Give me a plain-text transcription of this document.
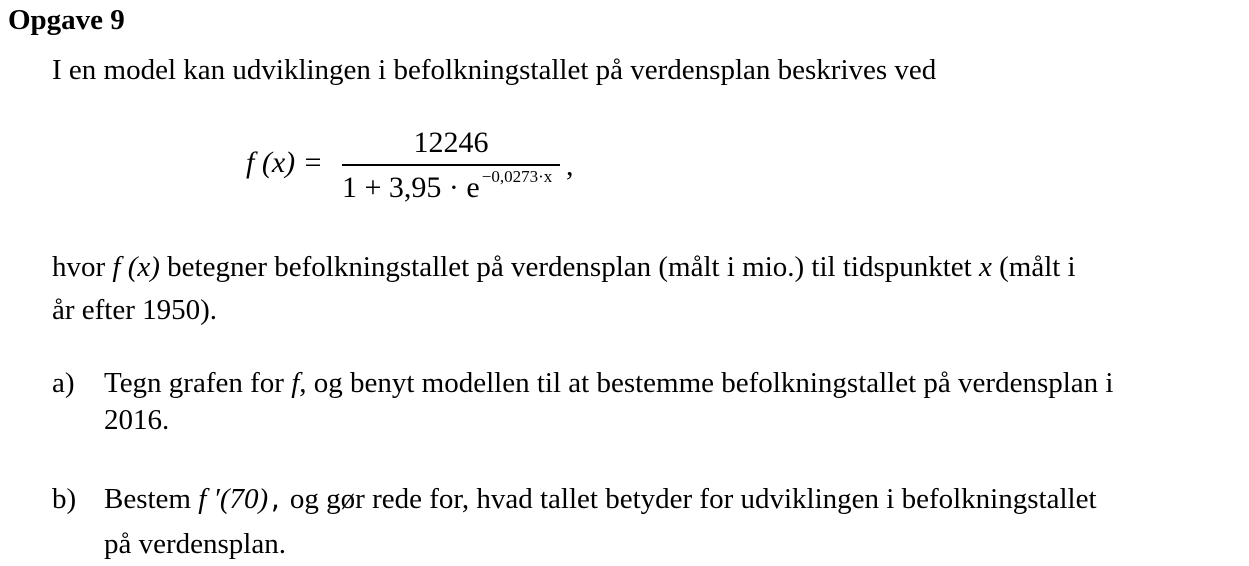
Opgave 9
I en model kan udviklingen i befolkningstallet på verdensplan beskrives ved
f (x) =
12246
1 + 3,95 · e $^{-0,0273\cdot x}$ ,
hvor f (x) betegner befolkningstallet på verdensplan (målt i mio.) til tidspunktet x (målt i
år efter 1950).
a) Tegn grafen for f, og benyt modellen til at bestemme befolkningstallet på verdensplan i
2016.
b) Bestem f ′(70), og gør rede for, hvad tallet betyder for udviklingen i befolkningstallet
på verdensplan.
